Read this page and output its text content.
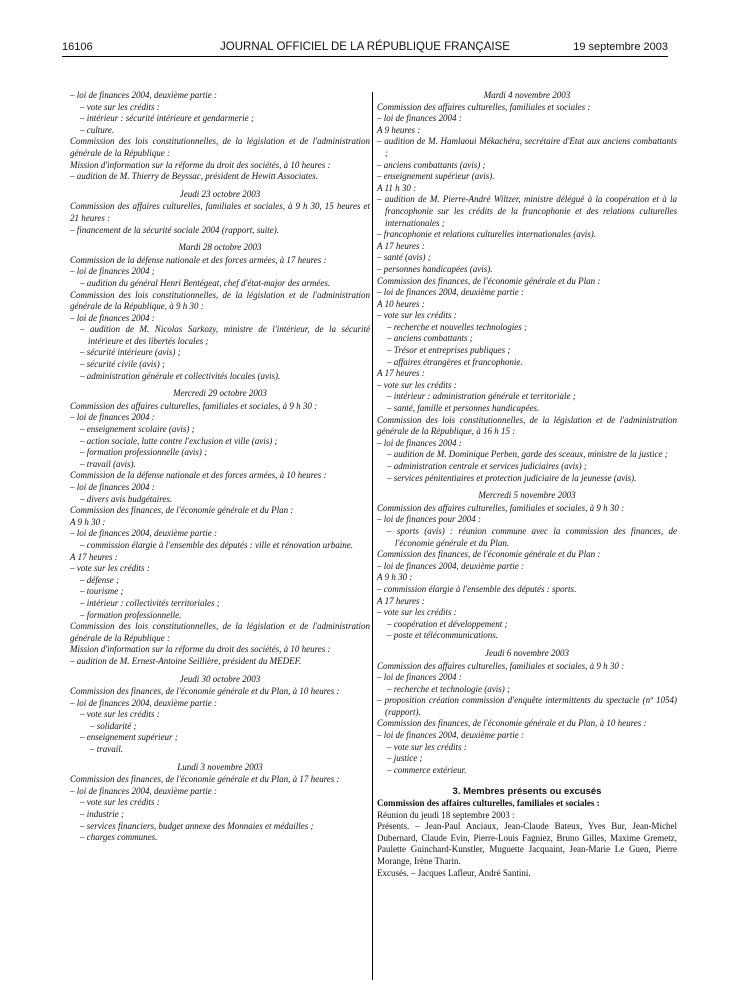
16106	JOURNAL OFFICIEL DE LA RÉPUBLIQUE FRANÇAISE	19 septembre 2003

– loi de finances 2004, deuxième partie :

– vote sur les crédits :

– intérieur : sécurité intérieure et gendarmerie ;

– culture.

Commission des lois constitutionnelles, de la législation et de l'administration générale de la République :

Mission d'information sur la réforme du droit des sociétés, à 10 heures :

– audition de M. Thierry de Beyssac, président de Hewitt Associates.

Jeudi 23 octobre 2003

Commission des affaires culturelles, familiales et sociales, à 9 h 30, 15 heures et 21 heures :

– financement de la sécurité sociale 2004 (rapport, suite).

Mardi 28 octobre 2003

Commission de la défense nationale et des forces armées, à 17 heures :

– loi de finances 2004 ;

– audition du général Henri Bentégeat, chef d'état-major des armées.

Commission des lois constitutionnelles, de la législation et de l'administration générale de la République, à 9 h 30 :

– loi de finances 2004 :

– audition de M. Nicolas Sarkozy, ministre de l'intérieur, de la sécurité intérieure et des libertés locales ;

– sécurité intérieure (avis) ;

– sécurité civile (avis) ;

– administration générale et collectivités locales (avis).

Mercredi 29 octobre 2003

Commission des affaires culturelles, familiales et sociales, à 9 h 30 :

– loi de finances 2004 :

– enseignement scolaire (avis) ;

– action sociale, lutte contre l'exclusion et ville (avis) ;

– formation professionnelle (avis) ;

– travail (avis).

Commission de la défense nationale et des forces armées, à 10 heures :

– loi de finances 2004 :

– divers avis budgétaires.

Commission des finances, de l'économie générale et du Plan :

A 9 h 30 :

– loi de finances 2004, deuxième partie :

– commission élargie à l'ensemble des députés : ville et rénovation urbaine.

A 17 heures :

– vote sur les crédits :

– défense ;

– tourisme ;

– intérieur : collectivités territoriales ;

– formation professionnelle.

Commission des lois constitutionnelles, de la législation et de l'administration générale de la République :

Mission d'information sur la réforme du droit des sociétés, à 10 heures :

– audition de M. Ernest-Antoine Seillière, président du MEDEF.

Jeudi 30 octobre 2003

Commission des finances, de l'économie générale et du Plan, à 10 heures :

– loi de finances 2004, deuxième partie :

– vote sur les crédits :

– solidarité ;

– enseignement supérieur ;

– travail.

Lundi 3 novembre 2003

Commission des finances, de l'économie générale et du Plan, à 17 heures :

– loi de finances 2004, deuxième partie :

– vote sur les crédits :

– industrie ;

– services financiers, budget annexe des Monnaies et médailles ;

– charges communes.

Mardi 4 novembre 2003

Commission des affaires culturelles, familiales et sociales :

– loi de finances 2004 :

A 9 heures :

– audition de M. Hamlaoui Mékachéra, secrétaire d'Etat aux anciens combattants ;

– anciens combattants (avis) ;

– enseignement supérieur (avis).

A 11 h 30 :

– audition de M. Pierre-André Wiltzer, ministre délégué à la coopération et à la francophonie sur les crédits de la francophonie et des relations culturelles internationales ;

– francophonie et relations culturelles internationales (avis).

A 17 heures :

– santé (avis) ;

– personnes handicapées (avis).

Commission des finances, de l'économie générale et du Plan :

– loi de finances 2004, deuxième partie :

A 10 heures :

– vote sur les crédits :

– recherche et nouvelles technologies ;

– anciens combattants ;

– Trésor et entreprises publiques ;

– affaires étrangères et francophonie.

A 17 heures :

– vote sur les crédits :

– intérieur : administration générale et territoriale ;

– santé, famille et personnes handicapées.

Commission des lois constitutionnelles, de la législation et de l'administration générale de la République, à 16 h 15 :

– loi de finances 2004 :

– audition de M. Dominique Perben, garde des sceaux, ministre de la justice ;

– administration centrale et services judiciaires (avis) ;

– services pénitentiaires et protection judiciaire de la jeunesse (avis).

Mercredi 5 novembre 2003

Commission des affaires culturelles, familiales et sociales, à 9 h 30 :

– loi de finances pour 2004 :

– sports (avis) : réunion commune avec la commission des finances, de l'économie générale et du Plan.

Commission des finances, de l'économie générale et du Plan :

– loi de finances 2004, deuxième partie :

A 9 h 30 :

– commission élargie à l'ensemble des députés : sports.

A 17 heures :

– vote sur les crédits :

– coopération et développement ;

– poste et télécommunications.

Jeudi 6 novembre 2003

Commission des affaires culturelles, familiales et sociales, à 9 h 30 :

– loi de finances 2004 :

– recherche et technologie (avis) ;

– proposition création commission d'enquête intermittents du spectacle (nº 1054) (rapport).

Commission des finances, de l'économie générale et du Plan, à 10 heures :

– loi de finances 2004, deuxième partie :

– vote sur les crédits :

– justice ;

– commerce extérieur.

3. Membres présents ou excusés

Commission des affaires culturelles, familiales et sociales :

Réunion du jeudi 18 septembre 2003 :

Présents. – Jean-Paul Anciaux, Jean-Claude Bateux, Yves Bur, Jean-Michel Dubernard, Claude Evin, Pierre-Louis Fagniez, Bruno Gilles, Maxime Gremetz, Paulette Guinchard-Kunstler, Muguette Jacquaint, Jean-Marie Le Guen, Pierre Morange, Irène Tharin.

Excusés. – Jacques Lafleur, André Santini.
